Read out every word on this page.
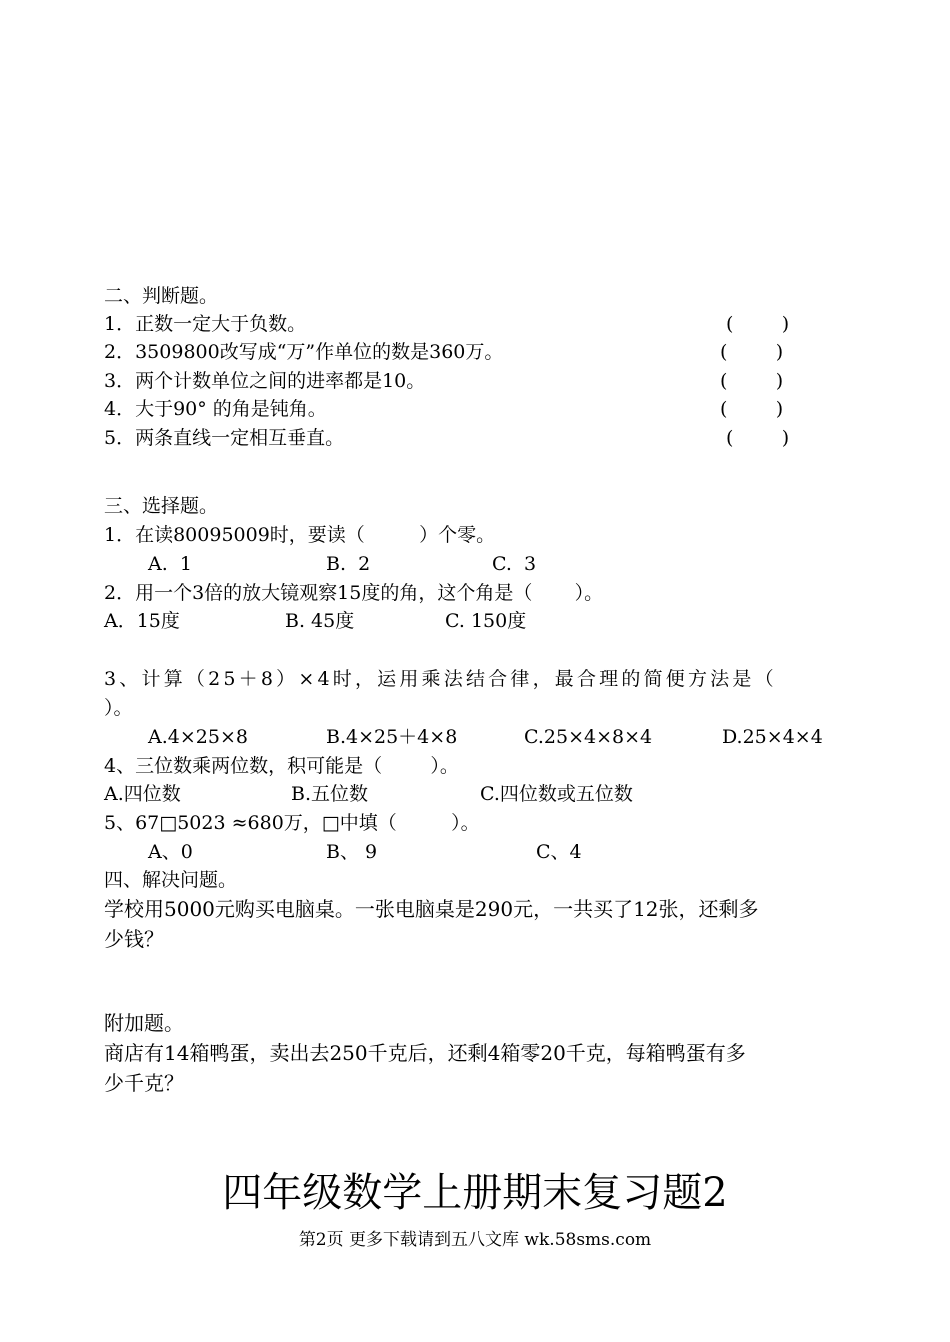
二、判断题。
1．正数一定大于负数。	(        )
2．3509800改写成“万”作单位的数是360万。	(        )
3．两个计数单位之间的进率都是10。	(        )
4．大于90° 的角是钝角。	(        )
5．两条直线一定相互垂直。	(        )
三、选择题。
1．在读80095009时，要读（         ）个零。
A.  1	B.  2	C.  3
2．用一个3倍的放大镜观察15度的角，这个角是（       ）。
A．15度	B. 45度	C. 150度
3、计算（25＋8）×4时，运用乘法结合律，最合理的简便方法是（
）。
A.4×25×8	B.4×25＋4×8	C.25×4×8×4	D.25×4×4
4、三位数乘两位数，积可能是（        ）。
A.四位数	B.五位数	C.四位数或五位数
5、67□5023 ≈680万，□中填（         ）。
A、0	B、 9	C、4
四、解决问题。
学校用5000元购买电脑桌。一张电脑桌是290元，一共买了12张，还剩多
少钱？
附加题。
商店有14箱鸭蛋，卖出去250千克后，还剩4箱零20千克，每箱鸭蛋有多
少千克？
四年级数学上册期末复习题2
第2页 更多下载请到五八文库 wk.58sms.com
